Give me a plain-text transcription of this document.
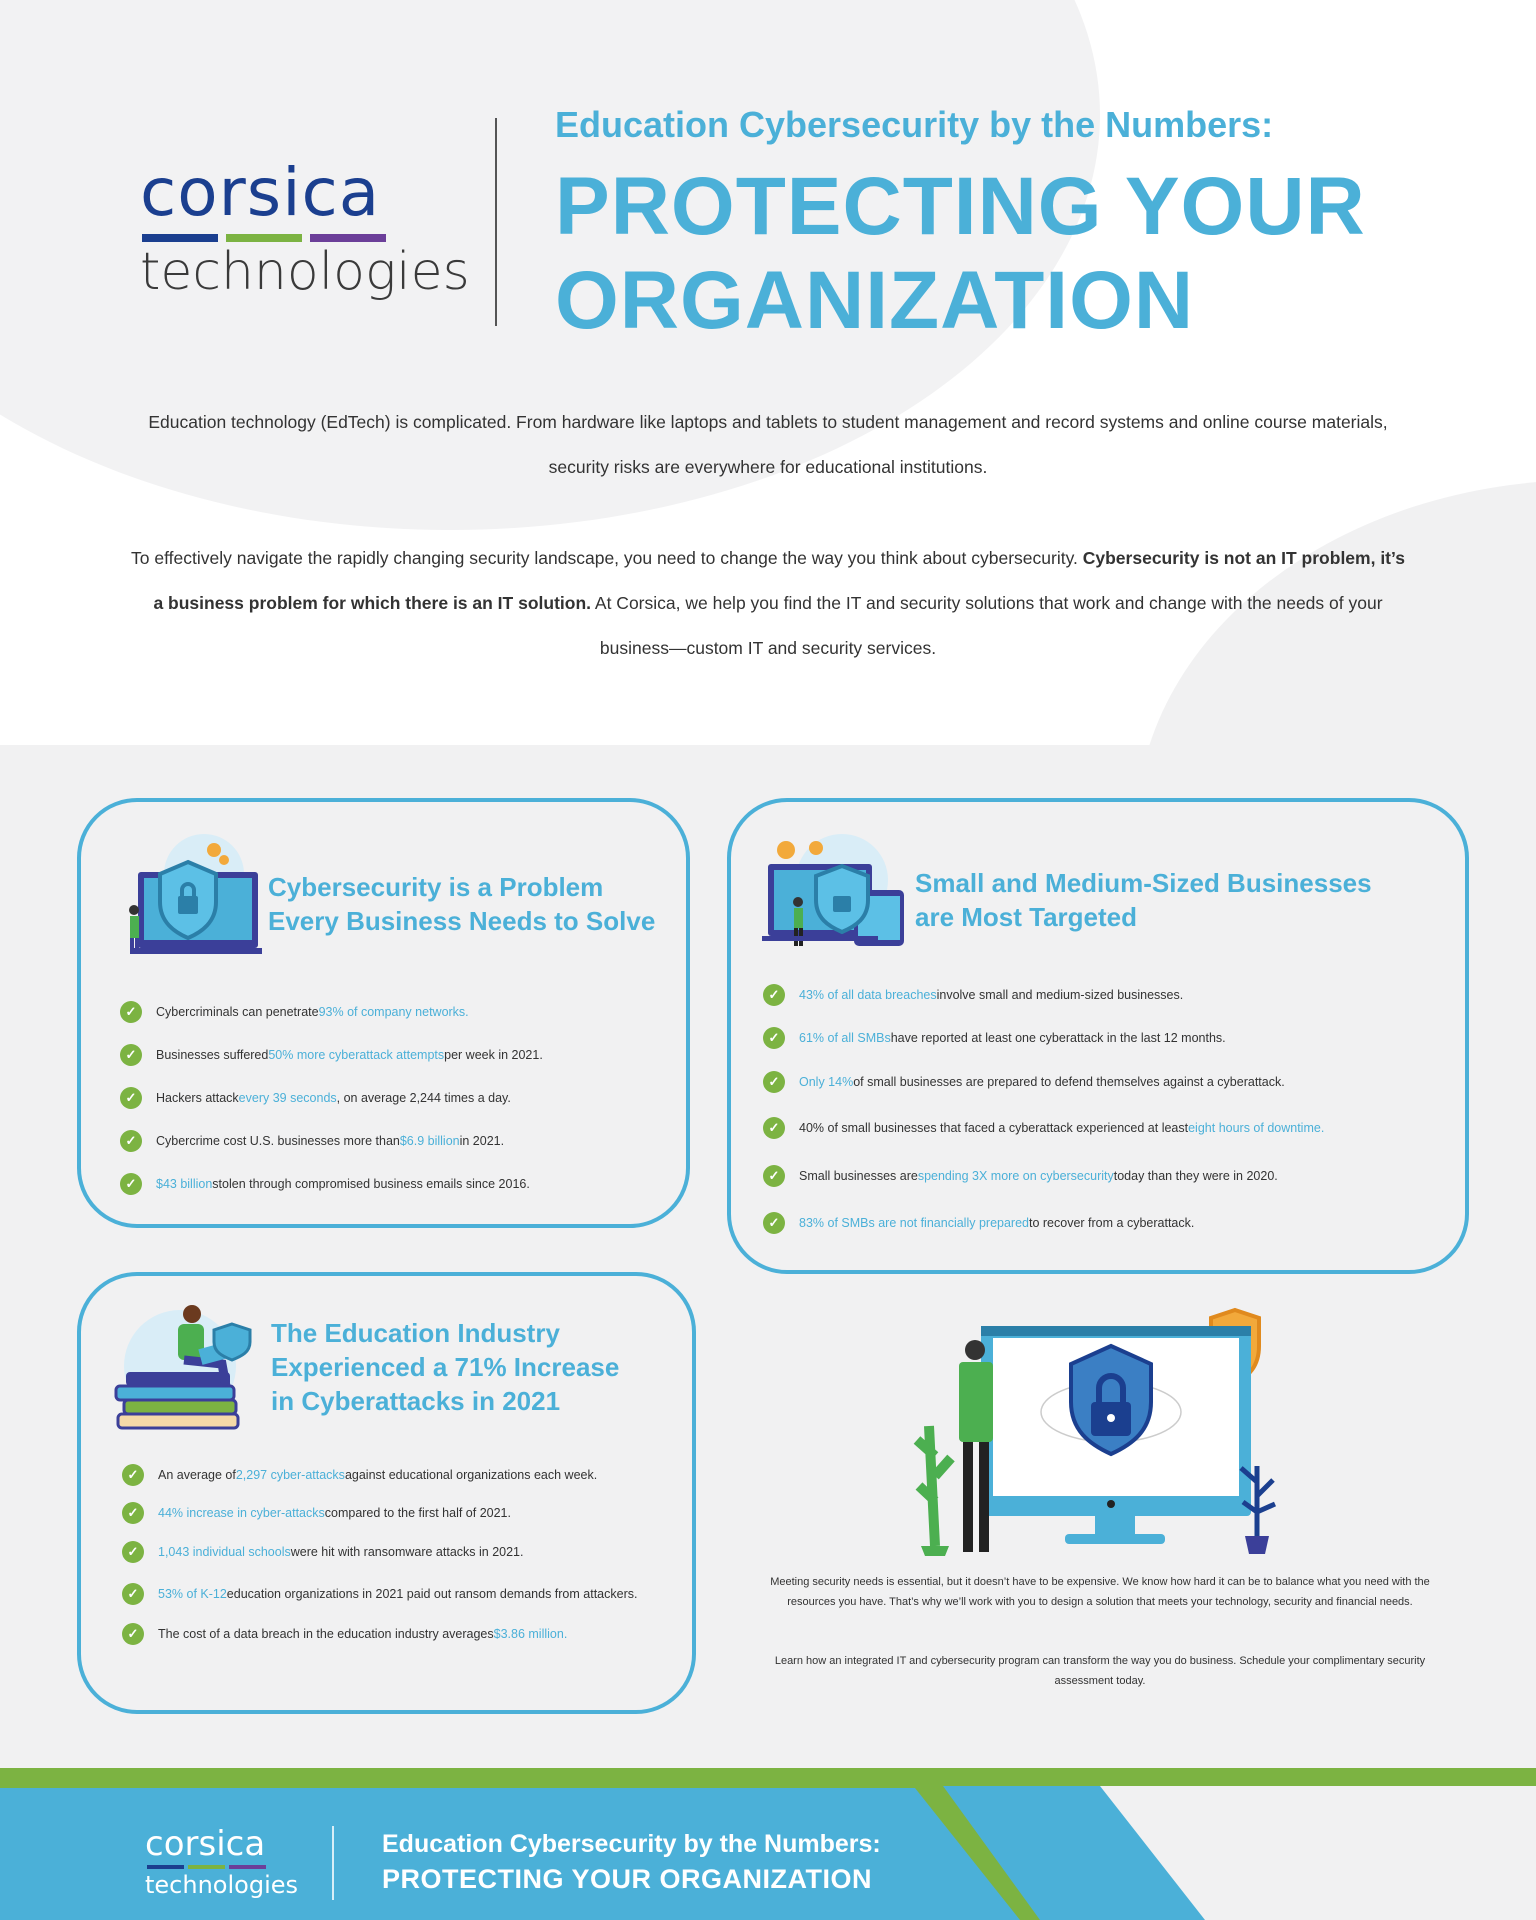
corsica
technologies
Education Cybersecurity by the Numbers:
PROTECTING YOUR
ORGANIZATION

Education technology (EdTech) is complicated. From hardware like laptops and tablets to student management and record systems and online course materials, security risks are everywhere for educational institutions.

To effectively navigate the rapidly changing security landscape, you need to change the way you think about cybersecurity. Cybersecurity is not an IT problem, it’s a business problem for which there is an IT solution. At Corsica, we help you find the IT and security solutions that work and change with the needs of your business—custom IT and security services.

Cybersecurity is a Problem
Every Business Needs to Solve
✓	Cybercriminals can penetrate 93% of company networks.
✓	Businesses suffered 50% more cyberattack attempts per week in 2021.
✓	Hackers attack every 39 seconds , on average 2,244 times a day.
✓	Cybercrime cost U.S. businesses more than $6.9 billion in 2021.
✓	$43 billion stolen through compromised business emails since 2016.
Small and Medium-Sized Businesses
are Most Targeted
✓	43% of all data breaches involve small and medium-sized businesses.
✓	61% of all SMBs have reported at least one cyberattack in the last 12 months.
✓	Only 14% of small businesses are prepared to defend themselves against a cyberattack.
✓	40% of small businesses that faced a cyberattack experienced at least eight hours of downtime.
✓	Small businesses are spending 3X more on cybersecurity today than they were in 2020.
✓	83% of SMBs are not financially prepared to recover from a cyberattack.
The Education Industry
Experienced a 71% Increase
in Cyberattacks in 2021
✓	An average of 2,297 cyber-attacks against educational organizations each week.
✓	44% increase in cyber-attacks compared to the first half of 2021.
✓	1,043 individual schools were hit with ransomware attacks in 2021.
✓	53% of K-12 education organizations in 2021 paid out ransom demands from attackers.
✓	The cost of a data breach in the education industry averages $3.86 million.

Meeting security needs is essential, but it doesn’t have to be expensive. We know how hard it can be to balance what you need with the resources you have. That’s why we’ll work with you to design a solution that meets your technology, security and financial needs.

Learn how an integrated IT and cybersecurity program can transform the way you do business. Schedule your complimentary security assessment today.

corsica
technologies
Education Cybersecurity by the Numbers:
PROTECTING YOUR ORGANIZATION
